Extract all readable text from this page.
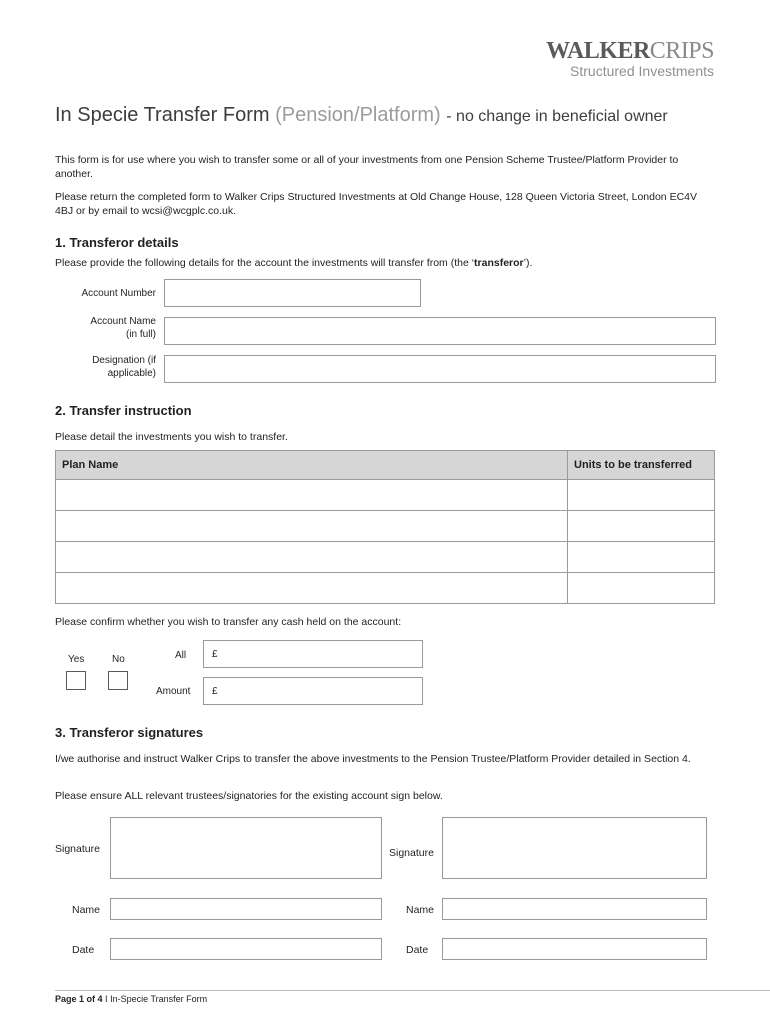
WALKERCRIPS
Structured Investments
In Specie Transfer Form (Pension/Platform) - no change in beneficial owner
This form is for use where you wish to transfer some or all of your investments from one Pension Scheme Trustee/Platform Provider to another.
Please return the completed form to Walker Crips Structured Investments at Old Change House, 128 Queen Victoria Street, London EC4V 4BJ or by email to wcsi@wcgplc.co.uk.
1. Transferor details
Please provide the following details for the account the investments will transfer from (the ‘transferor’).
Account Number
Account Name
(in full)
Designation (if
applicable)
2. Transfer instruction
Please detail the investments you wish to transfer.
Plan Name	Units to be transferred

Please confirm whether you wish to transfer any cash held on the account:
Yes	No	All	£
Amount £
3. Transferor signatures
I/we authorise and instruct Walker Crips to transfer the above investments to the Pension Trustee/Platform Provider detailed in Section 4.
Please ensure ALL relevant trustees/signatories for the existing account sign below.
Signature	Signature
Name	Name
Date	Date
Page 1 of 4 I In-Specie Transfer Form
